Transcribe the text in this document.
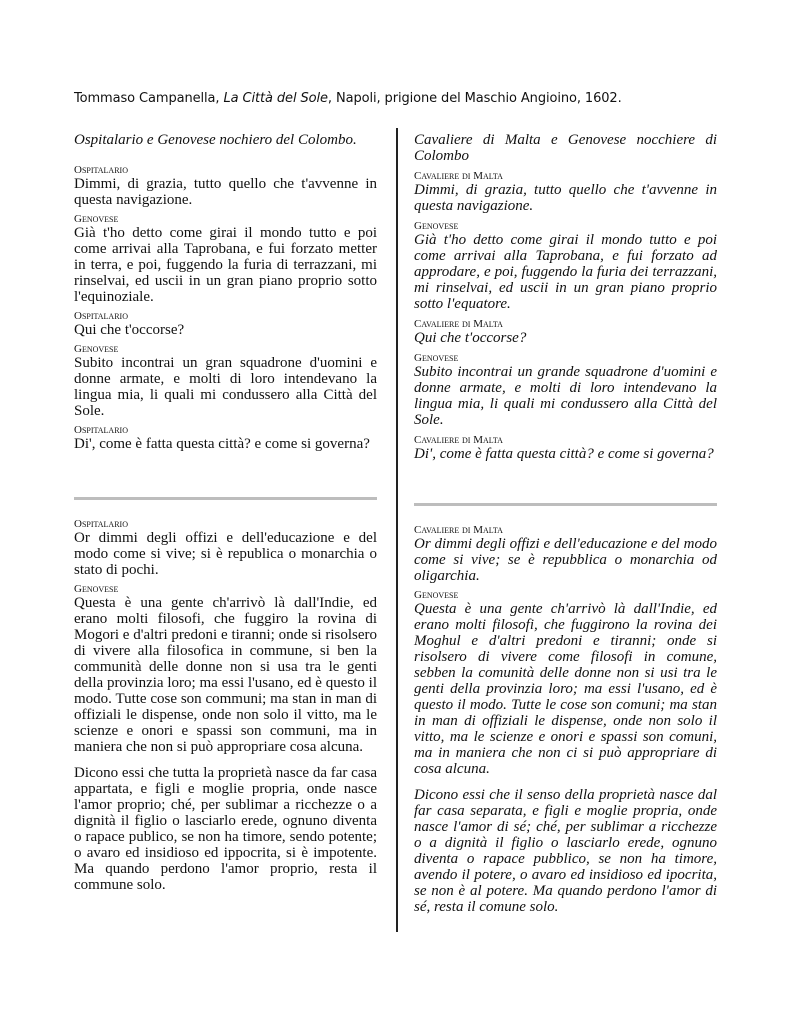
Tommaso Campanella, La Città del Sole, Napoli, prigione del Maschio Angioino, 1602.

Ospitalario e Genovese nochiero del Colombo.

Ospitalario

Dimmi, di grazia, tutto quello che t'avvenne in questa navigazione.

Genovese

Già t'ho detto come girai il mondo tutto e poi come arrivai alla Taprobana, e fui forzato metter in terra, e poi, fuggendo la furia di terrazzani, mi rinselvai, ed uscii in un gran piano proprio sotto l'equinoziale.

Ospitalario

Qui che t'occorse?

Genovese

Subito incontrai un gran squadrone d'uomini e donne armate, e molti di loro intendevano la lingua mia, li quali mi condussero alla Città del Sole.

Ospitalario

Di', come è fatta questa città? e come si governa?

Ospitalario

Or dimmi degli offizi e dell'educazione e del modo come si vive; si è republica o monarchia o stato di pochi.

Genovese

Questa è una gente ch'arrivò là dall'Indie, ed erano molti filosofi, che fuggiro la rovina di Mogori e d'altri predoni e tiranni; onde si risolsero di vivere alla filosofica in commune, si ben la communità delle donne non si usa tra le genti della provinzia loro; ma essi l'usano, ed è questo il modo. Tutte cose son communi; ma stan in man di offiziali le dispense, onde non solo il vitto, ma le scienze e onori e spassi son communi, ma in maniera che non si può appropriare cosa alcuna.

Dicono essi che tutta la proprietà nasce da far casa appartata, e figli e moglie propria, onde nasce l'amor proprio; ché, per sublimar a ricchezze o a dignità il figlio o lasciarlo erede, ognuno diventa o rapace publico, se non ha timore, sendo potente; o avaro ed insidioso ed ippocrita, si è impotente. Ma quando perdono l'amor proprio, resta il commune solo.

Cavaliere di Malta e Genovese nocchiere di Colombo

Cavaliere di Malta

Dimmi, di grazia, tutto quello che t'avvenne in questa navigazione.

Genovese

Già t'ho detto come girai il mondo tutto e poi come arrivai alla Taprobana, e fui forzato ad approdare, e poi, fuggendo la furia dei terrazzani, mi rinselvai, ed uscii in un gran piano proprio sotto l'equatore.

Cavaliere di Malta

Qui che t'occorse?

Genovese

Subito incontrai un grande squadrone d'uomini e donne armate, e molti di loro intendevano la lingua mia, li quali mi condussero alla Città del Sole.

Cavaliere di Malta

Di', come è fatta questa città? e come si governa?

Cavaliere di Malta

Or dimmi degli offizi e dell'educazione e del modo come si vive; se è repubblica o monarchia od oligarchia.

Genovese

Questa è una gente ch'arrivò là dall'Indie, ed erano molti filosofi, che fuggirono la rovina dei Moghul e d'altri predoni e tiranni; onde si risolsero di vivere come filosofi in comune, sebben la comunità delle donne non si usi tra le genti della provinzia loro; ma essi l'usano, ed è questo il modo. Tutte le cose son comuni; ma stan in man di offiziali le dispense, onde non solo il vitto, ma le scienze e onori e spassi son comuni, ma in maniera che non ci si può appropriare di cosa alcuna.

Dicono essi che il senso della proprietà nasce dal far casa separata, e figli e moglie propria, onde nasce l'amor di sé; ché, per sublimar a ricchezze o a dignità il figlio o lasciarlo erede, ognuno diventa o rapace pubblico, se non ha timore, avendo il potere, o avaro ed insidioso ed ipocrita, se non è al potere. Ma quando perdono l'amor di sé, resta il comune solo.
